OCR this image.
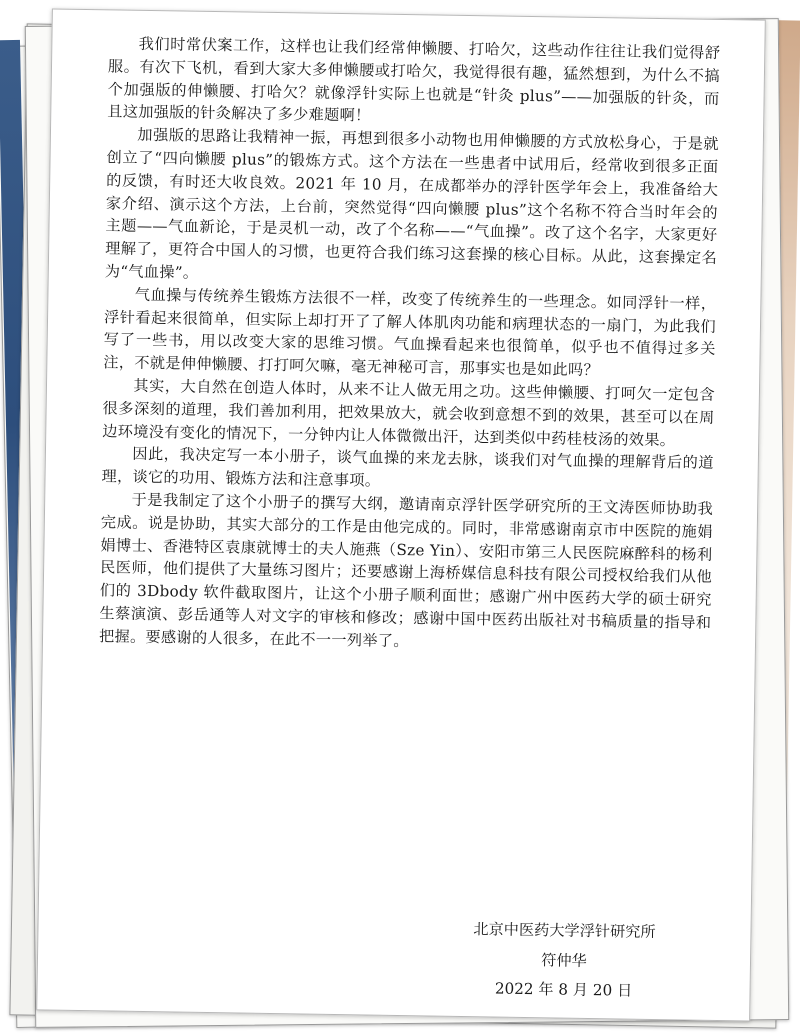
我们时常伏案工作，这样也让我们经常伸懒腰、打哈欠，这些动作往往让我们觉得舒服。有次下飞机，看到大家大多伸懒腰或打哈欠，我觉得很有趣，猛然想到，为什么不搞个加强版的伸懒腰、打哈欠？就像浮针实际上也就是“针灸 plus”——加强版的针灸，而且这加强版的针灸解决了多少难题啊！

加强版的思路让我精神一振，再想到很多小动物也用伸懒腰的方式放松身心，于是就创立了“四向懒腰 plus”的锻炼方式。这个方法在一些患者中试用后，经常收到很多正面的反馈，有时还大收良效。2021 年 10 月，在成都举办的浮针医学年会上，我准备给大家介绍、演示这个方法，上台前，突然觉得“四向懒腰 plus”这个名称不符合当时年会的主题——气血新论，于是灵机一动，改了个名称——“气血操”。改了这个名字，大家更好理解了，更符合中国人的习惯，也更符合我们练习这套操的核心目标。从此，这套操定名为“气血操”。

气血操与传统养生锻炼方法很不一样，改变了传统养生的一些理念。如同浮针一样，浮针看起来很简单，但实际上却打开了了解人体肌肉功能和病理状态的一扇门，为此我们写了一些书，用以改变大家的思维习惯。气血操看起来也很简单，似乎也不值得过多关注，不就是伸伸懒腰、打打呵欠嘛，毫无神秘可言，那事实也是如此吗？

其实，大自然在创造人体时，从来不让人做无用之功。这些伸懒腰、打呵欠一定包含很多深刻的道理，我们善加利用，把效果放大，就会收到意想不到的效果，甚至可以在周边环境没有变化的情况下，一分钟内让人体微微出汗，达到类似中药桂枝汤的效果。

因此，我决定写一本小册子，谈气血操的来龙去脉，谈我们对气血操的理解背后的道理，谈它的功用、锻炼方法和注意事项。

于是我制定了这个小册子的撰写大纲，邀请南京浮针医学研究所的王文涛医师协助我完成。说是协助，其实大部分的工作是由他完成的。同时，非常感谢南京市中医院的施娟娟博士、香港特区袁康就博士的夫人施燕（Sze Yin）、安阳市第三人民医院麻醉科的杨利民医师，他们提供了大量练习图片；还要感谢上海桥媒信息科技有限公司授权给我们从他们的 3Dbody 软件截取图片，让这个小册子顺利面世；感谢广州中医药大学的硕士研究生蔡演演、彭岳通等人对文字的审核和修改；感谢中国中医药出版社对书稿质量的指导和把握。要感谢的人很多，在此不一一列举了。

北京中医药大学浮针研究所
符仲华
2022 年 8 月 20 日
